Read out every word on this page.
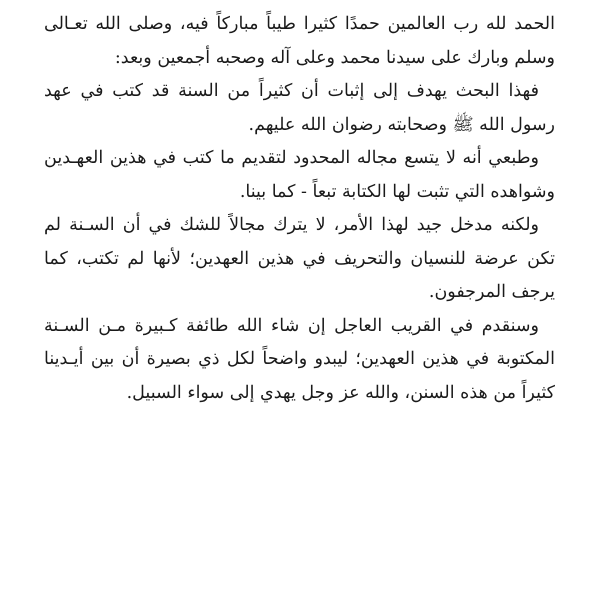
الحمد لله رب العالمين حمدًا كثيرا طيباً مباركاً فيه، وصلى الله تعـالى وسلم وبارك على سيدنا محمد وعلى آله وصحبه أجمعين وبعد:

فهذا البحث يهدف إلى إثبات أن كثيراً من السنة قد كتب في عهد رسول الله ﷺ وصحابته رضوان الله عليهم.

وطبعي أنه لا يتسع مجاله المحدود لتقديم ما كتب في هذين العهـدين وشواهده التي تثبت لها الكتابة تبعاً - كما بينا.

ولكنه مدخل جيد لهذا الأمر، لا يترك مجالاً للشك في أن السـنة لم تكن عرضة للنسيان والتحريف في هذين العهدين؛ لأنها لم تكتب، كما يرجف المرجفون.

وسنقدم في القريب العاجل إن شاء الله طائفة كـبيرة مـن السـنة المكتوبة في هذين العهدين؛ ليبدو واضحاً لكل ذي بصيرة أن بين أيـدينا كثيراً من هذه السنن، والله عز وجل يهدي إلى سواء السبيل.
